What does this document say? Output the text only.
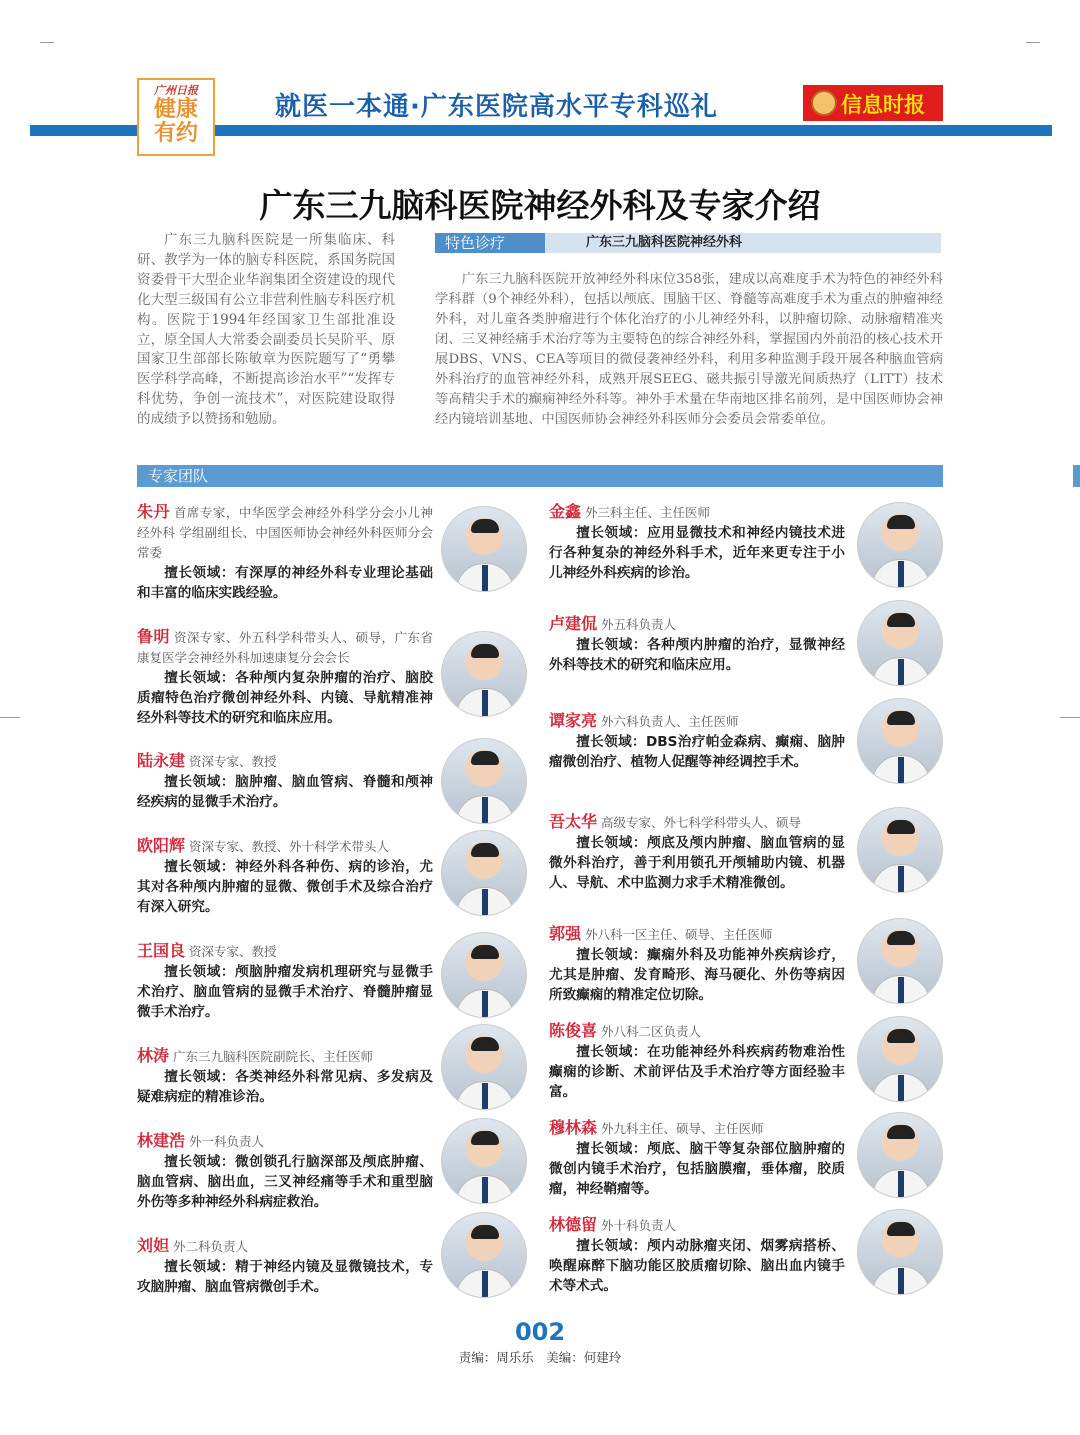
广州日报
健康
有约
就医一本通·广东医院高水平专科巡礼	信息时报
广东三九脑科医院神经外科及专家介绍

广东三九脑科医院是一所集临床、科研、教学为一体的脑专科医院，系国务院国资委骨干大型企业华润集团全资建设的现代化大型三级国有公立非营利性脑专科医疗机构。医院于1994年经国家卫生部批准设立，原全国人大常委会副委员长吴阶平、原国家卫生部部长陈敏章为医院题写了“勇攀医学科学高峰，不断提高诊治水平”“发挥专科优势，争创一流技术”，对医院建设取得的成绩予以赞扬和勉励。

特色诊疗	广东三九脑科医院神经外科

广东三九脑科医院开放神经外科床位358张，建成以高难度手术为特色的神经外科学科群（9个神经外科），包括以颅底、围脑干区、脊髓等高难度手术为重点的肿瘤神经外科，对儿童各类肿瘤进行个体化治疗的小儿神经外科，以肿瘤切除、动脉瘤精准夹闭、三叉神经痛手术治疗等为主要特色的综合神经外科，掌握国内外前沿的核心技术开展DBS、VNS、CEA等项目的微侵袭神经外科，利用多种监测手段开展各种脑血管病外科治疗的血管神经外科，成熟开展SEEG、磁共振引导激光间质热疗（LITT）技术等高精尖手术的癫痫神经外科等。神外手术量在华南地区排名前列，是中国医师协会神经内镜培训基地、中国医师协会神经外科医师分会委员会常委单位。

专家团队
朱丹 首席专家，中华医学会神经外科学分会小儿神经外科 学组副组长、中国医师协会神经外科医师分会常委
擅长领域：有深厚的神经外科专业理论基础和丰富的临床实践经验。
鲁明 资深专家、外五科学科带头人、硕导，广东省康复医学会神经外科加速康复分会会长
擅长领域：各种颅内复杂肿瘤的治疗、脑胶质瘤特色治疗微创神经外科、内镜、导航精准神经外科等技术的研究和临床应用。
陆永建 资深专家、教授
擅长领域：脑肿瘤、脑血管病、脊髓和颅神经疾病的显微手术治疗。
欧阳辉 资深专家、教授、外十科学术带头人
擅长领域：神经外科各种伤、病的诊治，尤其对各种颅内肿瘤的显微、微创手术及综合治疗有深入研究。
王国良 资深专家、教授
擅长领域：颅脑肿瘤发病机理研究与显微手术治疗、脑血管病的显微手术治疗、脊髓肿瘤显微手术治疗。
林涛 广东三九脑科医院副院长、主任医师
擅长领域：各类神经外科常见病、多发病及疑难病症的精准诊治。
林建浩 外一科负责人
擅长领域：微创锁孔行脑深部及颅底肿瘤、脑血管病、脑出血，三叉神经痛等手术和重型脑外伤等多种神经外科病症救治。
刘妲 外二科负责人
擅长领域：精于神经内镜及显微镜技术，专攻脑肿瘤、脑血管病微创手术。
金鑫 外三科主任、主任医师
擅长领域：应用显微技术和神经内镜技术进行各种复杂的神经外科手术，近年来更专注于小儿神经外科疾病的诊治。
卢建侃 外五科负责人
擅长领域：各种颅内肿瘤的治疗，显微神经外科等技术的研究和临床应用。
谭家亮 外六科负责人、主任医师
擅长领域：DBS治疗帕金森病、癫痫、脑肿瘤微创治疗、植物人促醒等神经调控手术。
吾太华 高级专家、外七科学科带头人、硕导
擅长领域：颅底及颅内肿瘤、脑血管病的显微外科治疗，善于利用锁孔开颅辅助内镜、机器人、导航、术中监测力求手术精准微创。
郭强 外八科一区主任、硕导、主任医师
擅长领域：癫痫外科及功能神外疾病诊疗，尤其是肿瘤、发育畸形、海马硬化、外伤等病因所致癫痫的精准定位切除。
陈俊喜 外八科二区负责人
擅长领域：在功能神经外科疾病药物难治性癫痫的诊断、术前评估及手术治疗等方面经验丰富。
穆林森 外九科主任、硕导、主任医师
擅长领域：颅底、脑干等复杂部位脑肿瘤的微创内镜手术治疗，包括脑膜瘤，垂体瘤，胶质瘤，神经鞘瘤等。
林德留 外十科负责人
擅长领域：颅内动脉瘤夹闭、烟雾病搭桥、唤醒麻醉下脑功能区胶质瘤切除、脑出血内镜手术等术式。
002
责编：周乐乐　美编：何建玲
